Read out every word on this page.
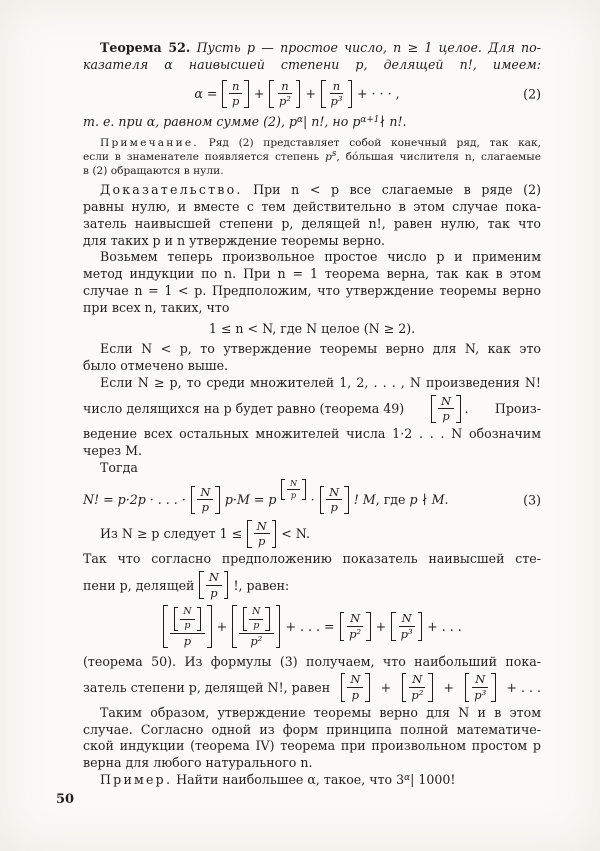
Теорема 52. Пусть p — простое число, n ≥ 1 целое. Для по-
казателя α наивысшей степени p, делящей n!, имеем:
$\alpha = \frac{n}{p} + \frac{n}{\text{p²}} + \frac{n}{\text{p³}}$ + · · · ,	(2)
т. е. при α, равном сумме (2), $p^\alpha|$ n!, но $p^{\alpha+1}∤$ n!.
Примечание. Ряд (2) представляет собой конечный ряд, так как,
если в знаменателе появляется степень $p^s$, бо́льшая числителя n, слагаемые
в (2) обращаются в нули.
Доказательство. При n < p все слагаемые в ряде (2)
равны нулю, и вместе с тем действительно в этом случае пока-
затель наивысшей степени p, делящей n!, равен нулю, так что
для таких p и n утверждение теоремы верно.
Возьмем теперь произвольное простое число p и применим
метод индукции по n. При n = 1 теорема верна, так как в этом
случае n = 1 < p. Предположим, что утверждение теоремы верно
при всех n, таких, что
1 ≤ n < N, где N целое (N ≥ 2).
Если N < p, то утверждение теоремы верно для N, как это
было отмечено выше.
Если N ≥ p, то среди множителей 1, 2, . . . , N произведения N!
число делящихся на p будет равно (теорема 49)	$\frac{N}{p}$ . Произ-
ведение всех остальных множителей числа 1·2 . . . N обозначим
через M.
Тогда
N! = p·2p · . . . · $\frac{N}{p} p\cdot M = p$
$\frac{N}{p}$
· $\frac{N}{p}$ ! M, где p ∤ M.	(3)
Из N ≥ p следует $1 \le \frac{N}{p} < N$.
Так что согласно предположению показатель наивысшей сте-
пени p, делящей $\frac{N}{p}$ !, равен:
$\frac{\frac{N}{p}}{p} + \frac{\frac{N}{p}}{\text{p²}}$ + . . . = $\frac{N}{\text{p²}} + \frac{N}{\text{p³}}$ + . . .
(теорема 50). Из формулы (3) получаем, что наибольший пока-
затель степени p, делящей N!, равен $\frac{N}{p} + \frac{N}{\text{p²}} + \frac{N}{\text{p³}}$ + . . .
Таким образом, утверждение теоремы верно для N и в этом
случае. Согласно одной из форм принципа полной математиче-
ской индукции (теорема IV) теорема при произвольном простом p
верна для любого натурального n.
Пример. Найти наибольшее α, такое, что $3^\alpha|$ 1000!
50
